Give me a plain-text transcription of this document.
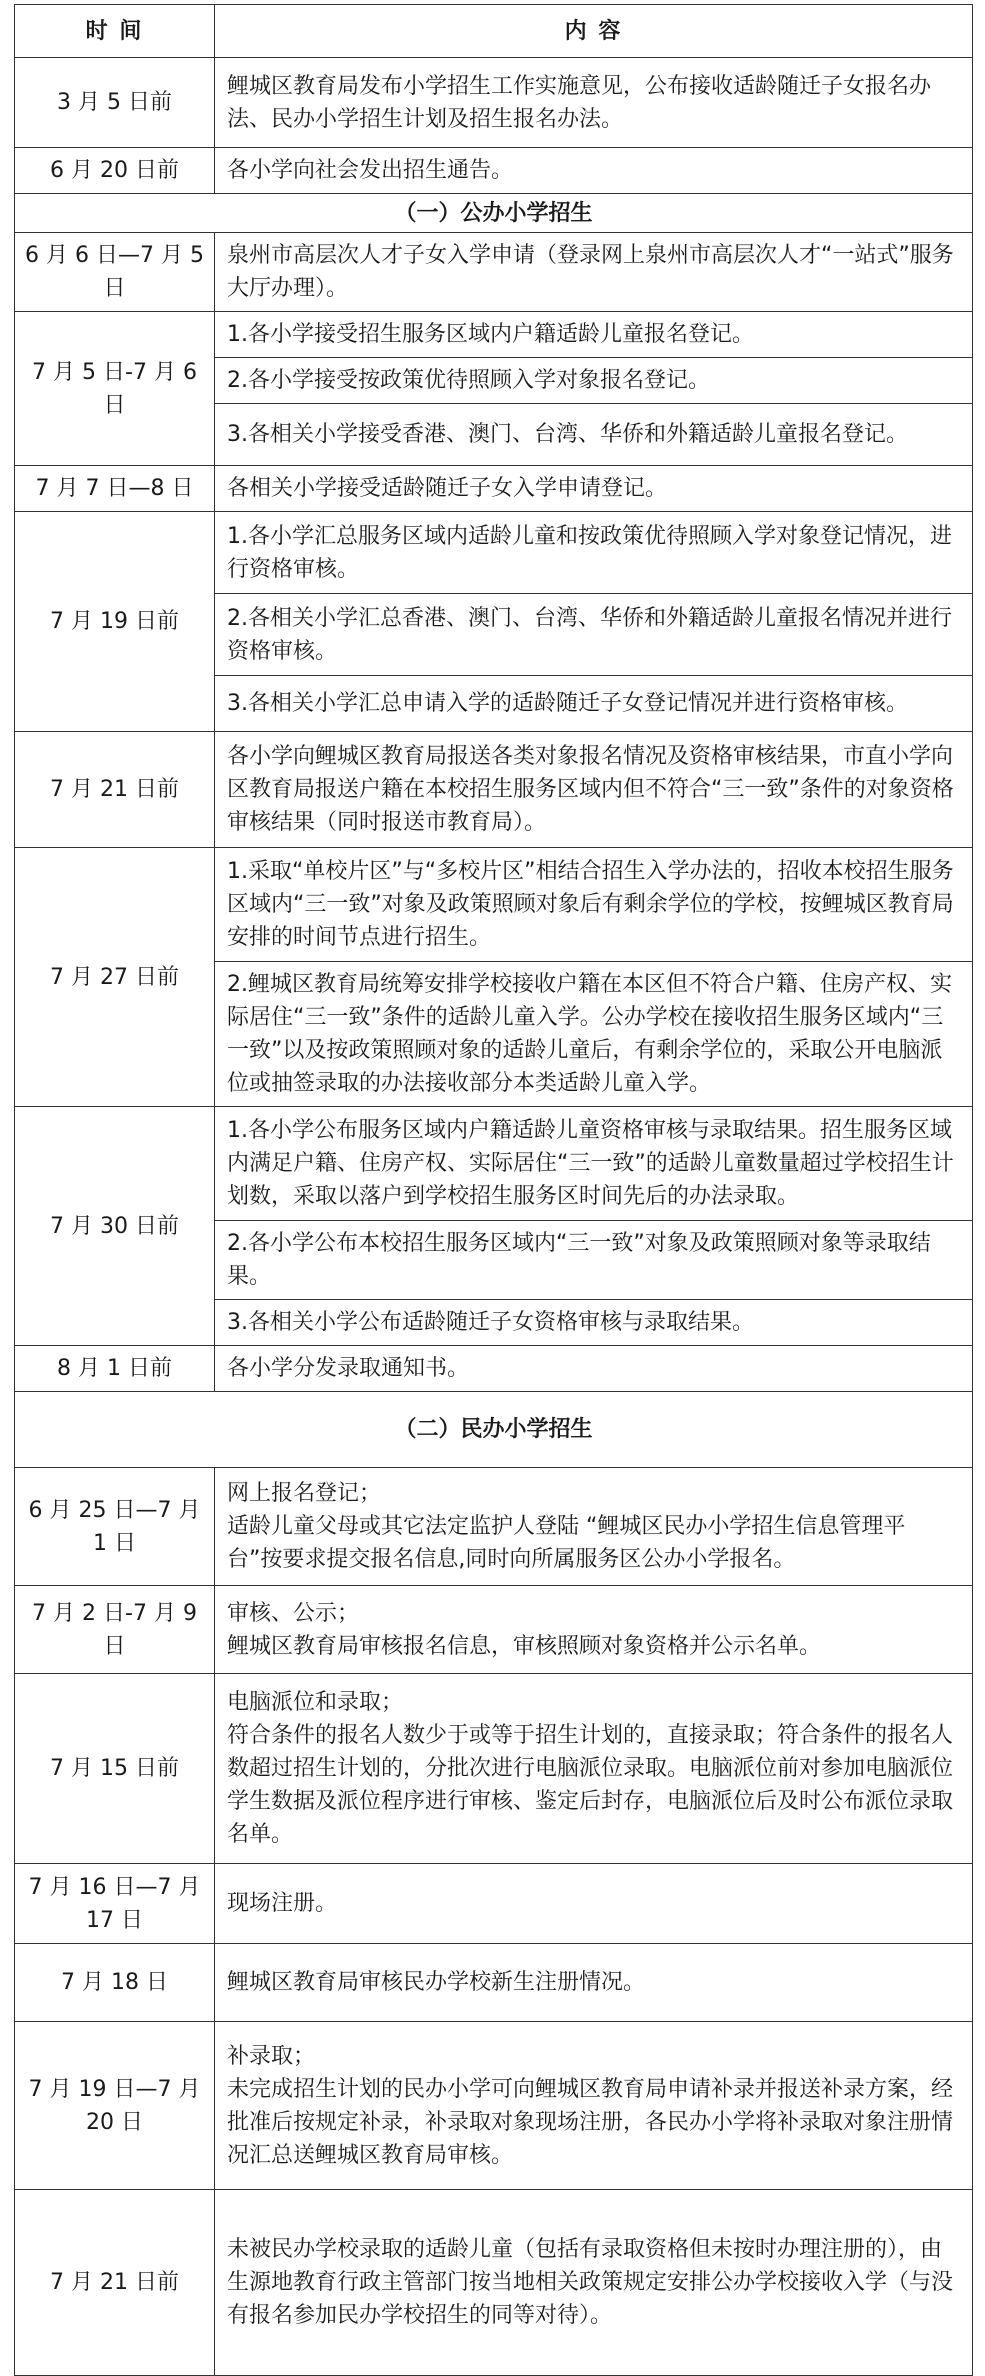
时 间	内 容
3 月 5 日前	鲤城区教育局发布小学招生工作实施意见，公布接收适龄随迁子女报名办法、民办小学招生计划及招生报名办法。
6 月 20 日前	各小学向社会发出招生通告。
（一）公办小学招生	
6 月 6 日—7 月 5 日	泉州市高层次人才子女入学申请（登录网上泉州市高层次人才“一站式”服务大厅办理）。
7 月 5 日-7 月 6 日	1.各小学接受招生服务区域内户籍适龄儿童报名登记。
	2.各小学接受按政策优待照顾入学对象报名登记。
	3.各相关小学接受香港、澳门、台湾、华侨和外籍适龄儿童报名登记。
7 月 7 日—8 日	各相关小学接受适龄随迁子女入学申请登记。
7 月 19 日前	1.各小学汇总服务区域内适龄儿童和按政策优待照顾入学对象登记情况，进行资格审核。
	2.各相关小学汇总香港、澳门、台湾、华侨和外籍适龄儿童报名情况并进行资格审核。
	3.各相关小学汇总申请入学的适龄随迁子女登记情况并进行资格审核。
7 月 21 日前	各小学向鲤城区教育局报送各类对象报名情况及资格审核结果，市直小学向区教育局报送户籍在本校招生服务区域内但不符合“三一致”条件的对象资格审核结果（同时报送市教育局）。
7 月 27 日前	1.采取“单校片区”与“多校片区”相结合招生入学办法的，招收本校招生服务区域内“三一致”对象及政策照顾对象后有剩余学位的学校，按鲤城区教育局安排的时间节点进行招生。
	2.鲤城区教育局统筹安排学校接收户籍在本区但不符合户籍、住房产权、实际居住“三一致”条件的适龄儿童入学。公办学校在接收招生服务区域内“三一致”以及按政策照顾对象的适龄儿童后，有剩余学位的，采取公开电脑派位或抽签录取的办法接收部分本类适龄儿童入学。
7 月 30 日前	1.各小学公布服务区域内户籍适龄儿童资格审核与录取结果。招生服务区域内满足户籍、住房产权、实际居住“三一致”的适龄儿童数量超过学校招生计划数，采取以落户到学校招生服务区时间先后的办法录取。
	2.各小学公布本校招生服务区域内“三一致”对象及政策照顾对象等录取结果。
	3.各相关小学公布适龄随迁子女资格审核与录取结果。
8 月 1 日前	各小学分发录取通知书。
（二）民办小学招生	
6 月 25 日—7 月 1 日	网上报名登记；
适龄儿童父母或其它法定监护人登陆 “鲤城区民办小学招生信息管理平台”按要求提交报名信息,同时向所属服务区公办小学报名。

7 月 2 日-7 月 9 日	审核、公示；
鲤城区教育局审核报名信息，审核照顾对象资格并公示名单。

7 月 15 日前	电脑派位和录取；
符合条件的报名人数少于或等于招生计划的，直接录取；符合条件的报名人数超过招生计划的，分批次进行电脑派位录取。电脑派位前对参加电脑派位学生数据及派位程序进行审核、鉴定后封存，电脑派位后及时公布派位录取名单。

7 月 16 日—7 月 17 日	现场注册。
7 月 18 日	鲤城区教育局审核民办学校新生注册情况。
7 月 19 日—7 月 20 日	补录取；
未完成招生计划的民办小学可向鲤城区教育局申请补录并报送补录方案，经批准后按规定补录，补录取对象现场注册，各民办小学将补录取对象注册情况汇总送鲤城区教育局审核。

7 月 21 日前	未被民办学校录取的适龄儿童（包括有录取资格但未按时办理注册的），由生源地教育行政主管部门按当地相关政策规定安排公办学校接收入学（与没有报名参加民办学校招生的同等对待）。
